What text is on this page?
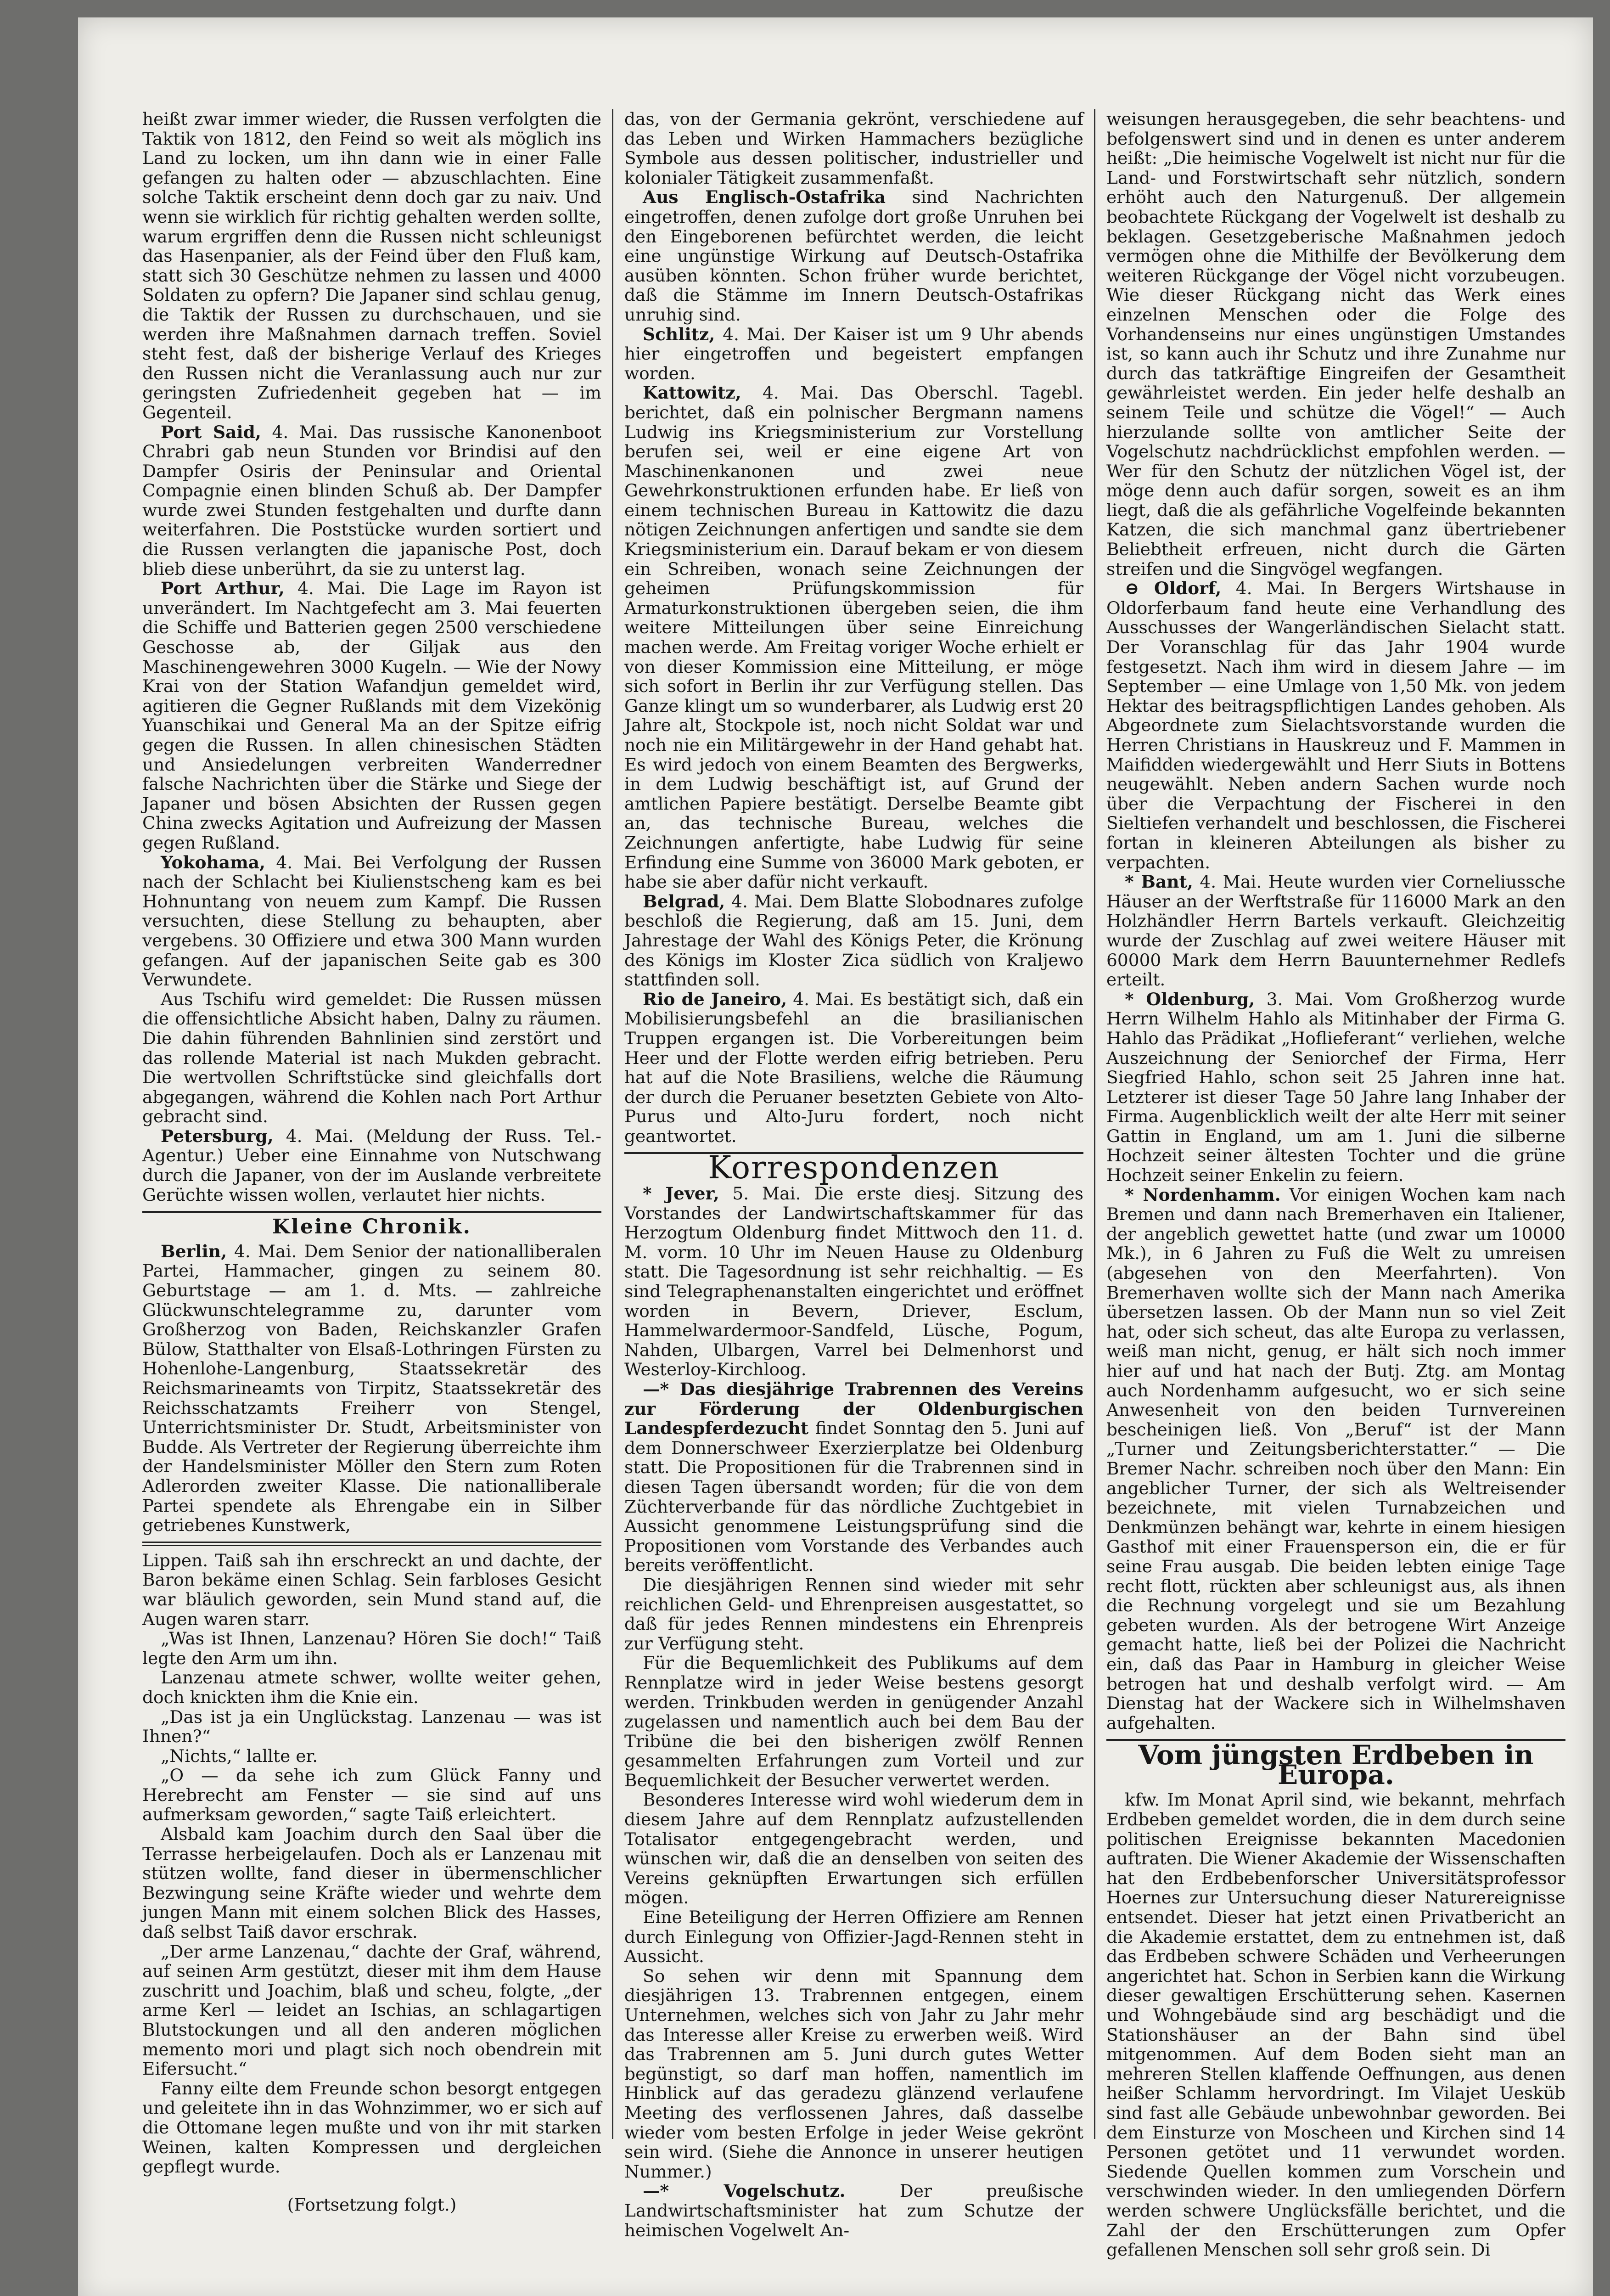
heißt zwar immer wieder, die Russen verfolgten die Taktik von 1812, den Feind so weit als möglich ins Land zu locken, um ihn dann wie in einer Falle gefangen zu halten oder — abzuschlachten. Eine solche Taktik erscheint denn doch gar zu naiv. Und wenn sie wirklich für richtig gehalten werden sollte, warum ergriffen denn die Russen nicht schleunigst das Hasenpanier, als der Feind über den Fluß kam, statt sich 30 Geschütze nehmen zu lassen und 4000 Soldaten zu opfern? Die Japaner sind schlau genug, die Taktik der Russen zu durchschauen, und sie werden ihre Maßnahmen darnach treffen. Soviel steht fest, daß der bisherige Verlauf des Krieges den Russen nicht die Veranlassung auch nur zur geringsten Zufriedenheit gegeben hat — im Gegenteil.

Port Said, 4. Mai. Das russische Kanonenboot Chrabri gab neun Stunden vor Brindisi auf den Dampfer Osiris der Peninsular and Oriental Compagnie einen blinden Schuß ab. Der Dampfer wurde zwei Stunden festgehalten und durfte dann weiterfahren. Die Poststücke wurden sortiert und die Russen verlangten die japanische Post, doch blieb diese unberührt, da sie zu unterst lag.

Port Arthur, 4. Mai. Die Lage im Rayon ist unverändert. Im Nachtgefecht am 3. Mai feuerten die Schiffe und Batterien gegen 2500 verschiedene Geschosse ab, der Giljak aus den Maschinengewehren 3000 Kugeln. — Wie der Nowy Krai von der Station Wafandjun gemeldet wird, agitieren die Gegner Rußlands mit dem Vizekönig Yuanschikai und General Ma an der Spitze eifrig gegen die Russen. In allen chinesischen Städten und Ansiedelungen verbreiten Wanderredner falsche Nachrichten über die Stärke und Siege der Japaner und bösen Absichten der Russen gegen China zwecks Agitation und Aufreizung der Massen gegen Rußland.

Yokohama, 4. Mai. Bei Verfolgung der Russen nach der Schlacht bei Kiulienstscheng kam es bei Hohnuntang von neuem zum Kampf. Die Russen versuchten, diese Stellung zu behaupten, aber vergebens. 30 Offiziere und etwa 300 Mann wurden gefangen. Auf der japanischen Seite gab es 300 Verwundete.

Aus Tschifu wird gemeldet: Die Russen müssen die offensichtliche Absicht haben, Dalny zu räumen. Die dahin führenden Bahnlinien sind zerstört und das rollende Material ist nach Mukden gebracht. Die wertvollen Schriftstücke sind gleichfalls dort abgegangen, während die Kohlen nach Port Arthur gebracht sind.

Petersburg, 4. Mai. (Meldung der Russ. Tel.-Agentur.) Ueber eine Einnahme von Nutschwang durch die Japaner, von der im Auslande verbreitete Gerüchte wissen wollen, verlautet hier nichts.

Kleine Chronik.

Berlin, 4. Mai. Dem Senior der nationalliberalen Partei, Hammacher, gingen zu seinem 80. Geburtstage — am 1. d. Mts. — zahlreiche Glückwunschtelegramme zu, darunter vom Großherzog von Baden, Reichskanzler Grafen Bülow, Statthalter von Elsaß-Lothringen Fürsten zu Hohenlohe-Langenburg, Staatssekretär des Reichsmarineamts von Tirpitz, Staatssekretär des Reichsschatzamts Freiherr von Stengel, Unterrichtsminister Dr. Studt, Arbeitsminister von Budde. Als Vertreter der Regierung überreichte ihm der Handelsminister Möller den Stern zum Roten Adlerorden zweiter Klasse. Die nationalliberale Partei spendete als Ehrengabe ein in Silber getriebenes Kunstwerk,

Lippen. Taiß sah ihn erschreckt an und dachte, der Baron bekäme einen Schlag. Sein farbloses Gesicht war bläulich geworden, sein Mund stand auf, die Augen waren starr.

„Was ist Ihnen, Lanzenau? Hören Sie doch!“ Taiß legte den Arm um ihn.

Lanzenau atmete schwer, wollte weiter gehen, doch knickten ihm die Knie ein.

„Das ist ja ein Unglückstag. Lanzenau — was ist Ihnen?“

„Nichts,“ lallte er.

„O — da sehe ich zum Glück Fanny und Herebrecht am Fenster — sie sind auf uns aufmerksam geworden,“ sagte Taiß erleichtert.

Alsbald kam Joachim durch den Saal über die Terrasse herbeigelaufen. Doch als er Lanzenau mit stützen wollte, fand dieser in übermenschlicher Bezwingung seine Kräfte wieder und wehrte dem jungen Mann mit einem solchen Blick des Hasses, daß selbst Taiß davor erschrak.

„Der arme Lanzenau,“ dachte der Graf, während, auf seinen Arm gestützt, dieser mit ihm dem Hause zuschritt und Joachim, blaß und scheu, folgte, „der arme Kerl — leidet an Ischias, an schlagartigen Blutstockungen und all den anderen möglichen memento mori und plagt sich noch obendrein mit Eifersucht.“

Fanny eilte dem Freunde schon besorgt entgegen und geleitete ihn in das Wohnzimmer, wo er sich auf die Ottomane legen mußte und von ihr mit starken Weinen, kalten Kompressen und dergleichen gepflegt wurde.

(Fortsetzung folgt.)

das, von der Germania gekrönt, verschiedene auf das Leben und Wirken Hammachers bezügliche Symbole aus dessen politischer, industrieller und kolonialer Tätigkeit zusammenfaßt.

Aus Englisch-Ostafrika sind Nachrichten eingetroffen, denen zufolge dort große Unruhen bei den Eingeborenen befürchtet werden, die leicht eine ungünstige Wirkung auf Deutsch-Ostafrika ausüben könnten. Schon früher wurde berichtet, daß die Stämme im Innern Deutsch-Ostafrikas unruhig sind.

Schlitz, 4. Mai. Der Kaiser ist um 9 Uhr abends hier eingetroffen und begeistert empfangen worden.

Kattowitz, 4. Mai. Das Oberschl. Tagebl. berichtet, daß ein polnischer Bergmann namens Ludwig ins Kriegsministerium zur Vorstellung berufen sei, weil er eine eigene Art von Maschinenkanonen und zwei neue Gewehrkonstruktionen erfunden habe. Er ließ von einem technischen Bureau in Kattowitz die dazu nötigen Zeichnungen anfertigen und sandte sie dem Kriegsministerium ein. Darauf bekam er von diesem ein Schreiben, wonach seine Zeichnungen der geheimen Prüfungskommission für Armaturkonstruktionen übergeben seien, die ihm weitere Mitteilungen über seine Einreichung machen werde. Am Freitag voriger Woche erhielt er von dieser Kommission eine Mitteilung, er möge sich sofort in Berlin ihr zur Verfügung stellen. Das Ganze klingt um so wunderbarer, als Ludwig erst 20 Jahre alt, Stockpole ist, noch nicht Soldat war und noch nie ein Militärgewehr in der Hand gehabt hat. Es wird jedoch von einem Beamten des Bergwerks, in dem Ludwig beschäftigt ist, auf Grund der amtlichen Papiere bestätigt. Derselbe Beamte gibt an, das technische Bureau, welches die Zeichnungen anfertigte, habe Ludwig für seine Erfindung eine Summe von 36000 Mark geboten, er habe sie aber dafür nicht verkauft.

Belgrad, 4. Mai. Dem Blatte Slobodnares zufolge beschloß die Regierung, daß am 15. Juni, dem Jahrestage der Wahl des Königs Peter, die Krönung des Königs im Kloster Zica südlich von Kraljewo stattfinden soll.

Rio de Janeiro, 4. Mai. Es bestätigt sich, daß ein Mobilisierungsbefehl an die brasilianischen Truppen ergangen ist. Die Vorbereitungen beim Heer und der Flotte werden eifrig betrieben. Peru hat auf die Note Brasiliens, welche die Räumung der durch die Peruaner besetzten Gebiete von Alto-Purus und Alto-Juru fordert, noch nicht geantwortet.

Korrespondenzen

* Jever, 5. Mai. Die erste diesj. Sitzung des Vorstandes der Landwirtschaftskammer für das Herzogtum Oldenburg findet Mittwoch den 11. d. M. vorm. 10 Uhr im Neuen Hause zu Oldenburg statt. Die Tagesordnung ist sehr reichhaltig. — Es sind Telegraphenanstalten eingerichtet und eröffnet worden in Bevern, Driever, Esclum, Hammelwardermoor-Sandfeld, Lüsche, Pogum, Nahden, Ulbargen, Varrel bei Delmenhorst und Westerloy-Kirchloog.

—* Das diesjährige Trabrennen des Vereins zur Förderung der Oldenburgischen Landespferdezucht findet Sonntag den 5. Juni auf dem Donnerschweer Exerzierplatze bei Oldenburg statt. Die Propositionen für die Trabrennen sind in diesen Tagen übersandt worden; für die von dem Züchterverbande für das nördliche Zuchtgebiet in Aussicht genommene Leistungsprüfung sind die Propositionen vom Vorstande des Verbandes auch bereits veröffentlicht.

Die diesjährigen Rennen sind wieder mit sehr reichlichen Geld- und Ehrenpreisen ausgestattet, so daß für jedes Rennen mindestens ein Ehrenpreis zur Verfügung steht.

Für die Bequemlichkeit des Publikums auf dem Rennplatze wird in jeder Weise bestens gesorgt werden. Trinkbuden werden in genügender Anzahl zugelassen und namentlich auch bei dem Bau der Tribüne die bei den bisherigen zwölf Rennen gesammelten Erfahrungen zum Vorteil und zur Bequemlichkeit der Besucher verwertet werden.

Besonderes Interesse wird wohl wiederum dem in diesem Jahre auf dem Rennplatz aufzustellenden Totalisator entgegengebracht werden, und wünschen wir, daß die an denselben von seiten des Vereins geknüpften Erwartungen sich erfüllen mögen.

Eine Beteiligung der Herren Offiziere am Rennen durch Einlegung von Offizier-Jagd-Rennen steht in Aussicht.

So sehen wir denn mit Spannung dem diesjährigen 13. Trabrennen entgegen, einem Unternehmen, welches sich von Jahr zu Jahr mehr das Interesse aller Kreise zu erwerben weiß. Wird das Trabrennen am 5. Juni durch gutes Wetter begünstigt, so darf man hoffen, namentlich im Hinblick auf das geradezu glänzend verlaufene Meeting des verflossenen Jahres, daß dasselbe wieder vom besten Erfolge in jeder Weise gekrönt sein wird. (Siehe die Annonce in unserer heutigen Nummer.)

—* Vogelschutz. Der preußische Landwirtschaftsminister hat zum Schutze der heimischen Vogelwelt An-

weisungen herausgegeben, die sehr beachtens- und befolgenswert sind und in denen es unter anderem heißt: „Die heimische Vogelwelt ist nicht nur für die Land- und Forstwirtschaft sehr nützlich, sondern erhöht auch den Naturgenuß. Der allgemein beobachtete Rückgang der Vogelwelt ist deshalb zu beklagen. Gesetzgeberische Maßnahmen jedoch vermögen ohne die Mithilfe der Bevölkerung dem weiteren Rückgange der Vögel nicht vorzubeugen. Wie dieser Rückgang nicht das Werk eines einzelnen Menschen oder die Folge des Vorhandenseins nur eines ungünstigen Umstandes ist, so kann auch ihr Schutz und ihre Zunahme nur durch das tatkräftige Eingreifen der Gesamtheit gewährleistet werden. Ein jeder helfe deshalb an seinem Teile und schütze die Vögel!“ — Auch hierzulande sollte von amtlicher Seite der Vogelschutz nachdrücklichst empfohlen werden. — Wer für den Schutz der nützlichen Vögel ist, der möge denn auch dafür sorgen, soweit es an ihm liegt, daß die als gefährliche Vogelfeinde bekannten Katzen, die sich manchmal ganz übertriebener Beliebtheit erfreuen, nicht durch die Gärten streifen und die Singvögel wegfangen.

⊖ Oldorf, 4. Mai. In Bergers Wirtshause in Oldorferbaum fand heute eine Verhandlung des Ausschusses der Wangerländischen Sielacht statt. Der Voranschlag für das Jahr 1904 wurde festgesetzt. Nach ihm wird in diesem Jahre — im September — eine Umlage von 1,50 Mk. von jedem Hektar des beitragspflichtigen Landes gehoben. Als Abgeordnete zum Sielachtsvorstande wurden die Herren Christians in Hauskreuz und F. Mammen in Maifidden wiedergewählt und Herr Siuts in Bottens neugewählt. Neben andern Sachen wurde noch über die Verpachtung der Fischerei in den Sieltiefen verhandelt und beschlossen, die Fischerei fortan in kleineren Abteilungen als bisher zu verpachten.

* Bant, 4. Mai. Heute wurden vier Corneliussche Häuser an der Werftstraße für 116000 Mark an den Holzhändler Herrn Bartels verkauft. Gleichzeitig wurde der Zuschlag auf zwei weitere Häuser mit 60000 Mark dem Herrn Bauunternehmer Redlefs erteilt.

* Oldenburg, 3. Mai. Vom Großherzog wurde Herrn Wilhelm Hahlo als Mitinhaber der Firma G. Hahlo das Prädikat „Hoflieferant“ verliehen, welche Auszeichnung der Seniorchef der Firma, Herr Siegfried Hahlo, schon seit 25 Jahren inne hat. Letzterer ist dieser Tage 50 Jahre lang Inhaber der Firma. Augenblicklich weilt der alte Herr mit seiner Gattin in England, um am 1. Juni die silberne Hochzeit seiner ältesten Tochter und die grüne Hochzeit seiner Enkelin zu feiern.

* Nordenhamm. Vor einigen Wochen kam nach Bremen und dann nach Bremerhaven ein Italiener, der angeblich gewettet hatte (und zwar um 10000 Mk.), in 6 Jahren zu Fuß die Welt zu umreisen (abgesehen von den Meerfahrten). Von Bremerhaven wollte sich der Mann nach Amerika übersetzen lassen. Ob der Mann nun so viel Zeit hat, oder sich scheut, das alte Europa zu verlassen, weiß man nicht, genug, er hält sich noch immer hier auf und hat nach der Butj. Ztg. am Montag auch Nordenhamm aufgesucht, wo er sich seine Anwesenheit von den beiden Turnvereinen bescheinigen ließ. Von „Beruf“ ist der Mann „Turner und Zeitungsberichterstatter.“ — Die Bremer Nachr. schreiben noch über den Mann: Ein angeblicher Turner, der sich als Weltreisender bezeichnete, mit vielen Turnabzeichen und Denkmünzen behängt war, kehrte in einem hiesigen Gasthof mit einer Frauensperson ein, die er für seine Frau ausgab. Die beiden lebten einige Tage recht flott, rückten aber schleunigst aus, als ihnen die Rechnung vorgelegt und sie um Bezahlung gebeten wurden. Als der betrogene Wirt Anzeige gemacht hatte, ließ bei der Polizei die Nachricht ein, daß das Paar in Hamburg in gleicher Weise betrogen hat und deshalb verfolgt wird. — Am Dienstag hat der Wackere sich in Wilhelmshaven aufgehalten.

Vom jüngsten Erdbeben in Europa.

kfw. Im Monat April sind, wie bekannt, mehrfach Erdbeben gemeldet worden, die in dem durch seine politischen Ereignisse bekannten Macedonien auftraten. Die Wiener Akademie der Wissenschaften hat den Erdbebenforscher Universitätsprofessor Hoernes zur Untersuchung dieser Naturereignisse entsendet. Dieser hat jetzt einen Privatbericht an die Akademie erstattet, dem zu entnehmen ist, daß das Erdbeben schwere Schäden und Verheerungen angerichtet hat. Schon in Serbien kann die Wirkung dieser gewaltigen Erschütterung sehen. Kasernen und Wohngebäude sind arg beschädigt und die Stationshäuser an der Bahn sind übel mitgenommen. Auf dem Boden sieht man an mehreren Stellen klaffende Oeffnungen, aus denen heißer Schlamm hervordringt. Im Vilajet Uesküb sind fast alle Gebäude unbewohnbar geworden. Bei dem Einsturze von Moscheen und Kirchen sind 14 Personen getötet und 11 verwundet worden. Siedende Quellen kommen zum Vorschein und verschwinden wieder. In den umliegenden Dörfern werden schwere Unglücksfälle berichtet, und die Zahl der den Erschütterungen zum Opfer gefallenen Menschen soll sehr groß sein. Di
